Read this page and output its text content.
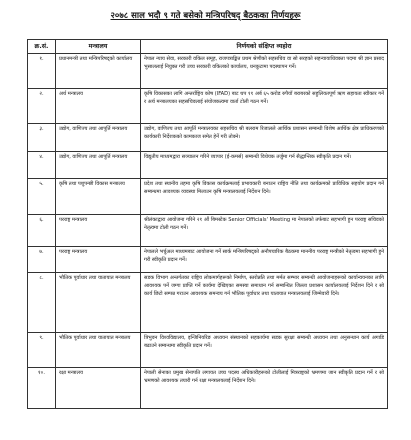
२०७८ साल भदौ ९ गते बसेको मन्त्रिपरिषद् बैठकका निर्णयहरू
क्र.सं.	मन्त्रालय	निर्णयको संक्षिप्त व्यहोरा
१.	प्रधानमन्त्री तथा मन्त्रिपरिषद्को कार्यालय	नेपाल न्याय सेवा, सरकारी वकिल समूह, राजपत्राङ्कित प्रथम श्रेणीको सहसचिव वा सो सरहको सहन्यायाधिवक्ता पदमा श्री ज्ञान प्रसाद भुसाललाई नियुक्त गरी उच्च सरकारी वकिलको कार्यालय, धनकुटामा पदस्थापन गर्ने।

२.	अर्थ मन्त्रालय	कृषि विकासका लागि अन्तर्राष्ट्रिय कोष (IFAD) बाट थप ११ अर्ब ६५ करोड रुपैयाँ बराबरको सहुलियतपूर्ण ऋण सहायता स्वीकार गर्ने र अर्थ मन्त्रालयका सहसचिवलाई संयोजकत्वमा वार्ता टोली गठन गर्ने।

३.	उद्योग, वाणिज्य तथा आपूर्ति मन्त्रालय	उद्योग, वाणिज्य तथा आपूर्ति मन्त्रालयका सहसचिव श्री बलराम रिजालले आर्थिक प्रशासन सम्बन्धी विशेष आर्थिक क्षेत्र प्राधिकरणको कार्यकारी निर्देशकको कामकाज समेत हेर्ने गरी तोक्ने।

४.	उद्योग, वाणिज्य तथा आपूर्ति मन्त्रालय	विद्युतीय माध्यमद्वारा सञ्चालन गरिने व्यापार (ई-कमर्स) सम्बन्धी विधेयक तर्जुमा गर्न सैद्धान्तिक स्वीकृति प्रदान गर्ने।

५.	कृषि तथा पशुपन्छी विकास मन्त्रालय	प्रदेश तथा स्थानीय तहमा कृषि विकास कार्यक्रमलाई प्रभावकारी बनाउन राष्ट्रिय नीति तथा कार्यक्रमको प्राविधिक सहयोग प्रदान गर्ने सम्बन्धमा आवश्यक व्यवस्था मिलाउन कृषि मन्त्रालयलाई निर्देशन दिने।

६.	परराष्ट्र मन्त्रालय	श्रीलंकाद्वारा आयोजना गरिने २१ औं बिमस्टेक Senior Officials' Meeting मा नेपालको तर्फबाट सहभागी हुन परराष्ट्र सचिवको नेतृत्वमा टोली गठन गर्ने।

७.	परराष्ट्र मन्त्रालय	नेपालले भर्चुअल माध्यमबाट आयोजना गर्ने सार्क मन्त्रिपरिषद्को अनौपचारिक बैठकमा माननीय परराष्ट्र मन्त्रीको नेतृत्वमा सहभागी हुने गरी स्वीकृति प्रदान गर्ने।

८.	भौतिक पूर्वाधार तथा यातायात मन्त्रालय	सडक विभाग अन्तर्गतका राष्ट्रिय लोकमार्गहरूको निर्माण, स्तरोन्नति तथा मर्मत सम्भार सम्बन्धी आयोजनाहरूको कार्यान्वयनका लागि आवश्यक पर्ने जग्गा प्राप्ति गर्ने कार्यमा देखिएका समस्या समाधान गर्न सम्बन्धित जिल्ला प्रशासन कार्यालयलाई निर्देशन दिने र सो कार्य छिटो सम्पन्न गराउन आवश्यक समन्वय गर्न भौतिक पूर्वाधार तथा यातायात मन्त्रालयलाई जिम्मेवारी दिने।

९.	भौतिक पूर्वाधार तथा यातायात मन्त्रालय	त्रिभुवन विश्वविद्यालय, इन्जिनियरिङ अध्ययन संस्थानको सहकार्यमा सडक सुरक्षा सम्बन्धी अध्ययन तथा अनुसन्धान कार्य अगाडि बढाउने सम्बन्धमा स्वीकृति प्रदान गर्ने।

१०.	रक्षा मन्त्रालय	नेपाली सेनाका प्रमुख सेनापति लगायत उच्च पदस्थ अधिकारीहरूको टोलीलाई मित्रराष्ट्रको भ्रमणमा जान स्वीकृति प्रदान गर्ने र सो भ्रमणको आवश्यक तयारी गर्न रक्षा मन्त्रालयलाई निर्देशन दिने।
